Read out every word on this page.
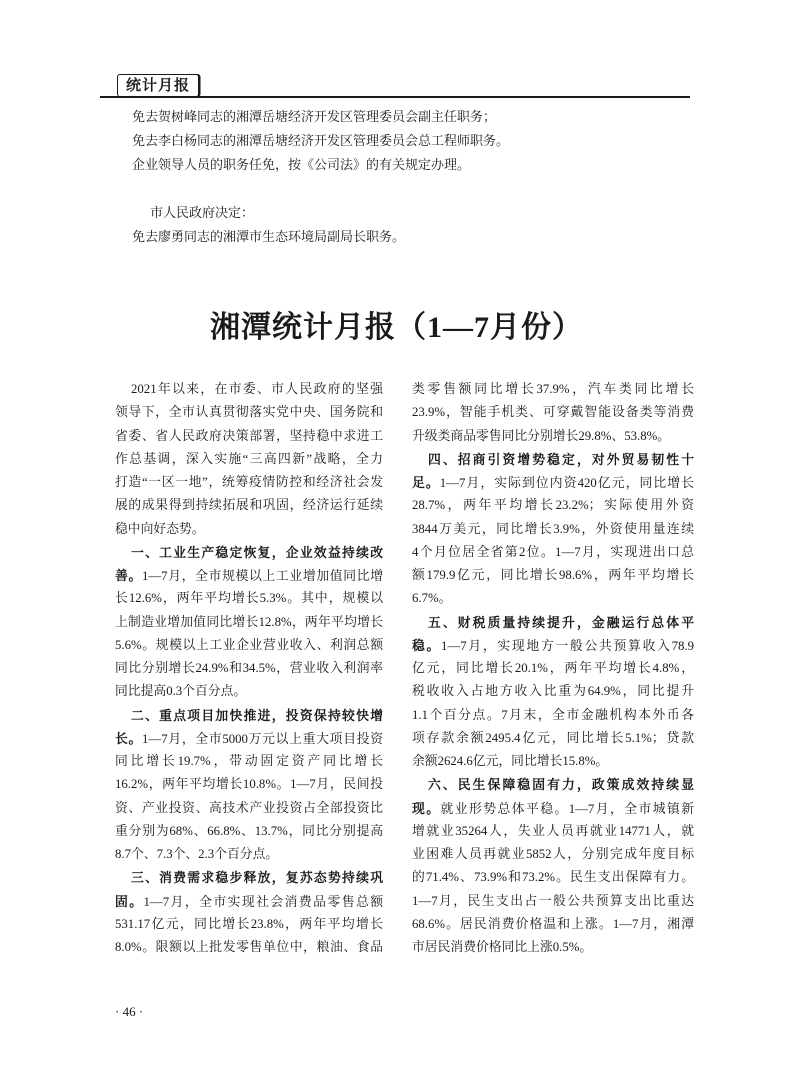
统计月报
免去贺树峰同志的湘潭岳塘经济开发区管理委员会副主任职务；
免去李白杨同志的湘潭岳塘经济开发区管理委员会总工程师职务。
企业领导人员的职务任免，按《公司法》的有关规定办理。
市人民政府决定：
免去廖勇同志的湘潭市生态环境局副局长职务。
湘潭统计月报（1—7月份）
2021年以来，在市委、市人民政府的坚强
领导下，全市认真贯彻落实党中央、国务院和
省委、省人民政府决策部署，坚持稳中求进工
作总基调，深入实施“三高四新”战略，全力
打造“一区一地”，统筹疫情防控和经济社会发
展的成果得到持续拓展和巩固，经济运行延续
稳中向好态势。
一、工业生产稳定恢复，企业效益持续改
善。1—7月，全市规模以上工业增加值同比增
长12.6%，两年平均增长5.3%。其中，规模以
上制造业增加值同比增长12.8%，两年平均增长
5.6%。规模以上工业企业营业收入、利润总额
同比分别增长24.9%和34.5%，营业收入利润率
同比提高0.3个百分点。
二、重点项目加快推进，投资保持较快增
长。1—7月，全市5000万元以上重大项目投资
同比增长19.7%，带动固定资产同比增长
16.2%，两年平均增长10.8%。1—7月，民间投
资、产业投资、高技术产业投资占全部投资比
重分别为68%、66.8%、13.7%，同比分别提高
8.7个、7.3个、2.3个百分点。
三、消费需求稳步释放，复苏态势持续巩
固。1—7月，全市实现社会消费品零售总额
531.17亿元，同比增长23.8%，两年平均增长
8.0%。限额以上批发零售单位中，粮油、食品
类零售额同比增长37.9%，汽车类同比增长
23.9%，智能手机类、可穿戴智能设备类等消费
升级类商品零售同比分别增长29.8%、53.8%。
四、招商引资增势稳定，对外贸易韧性十
足。1—7月，实际到位内资420亿元，同比增长
28.7%，两年平均增长23.2%；实际使用外资
3844万美元，同比增长3.9%，外资使用量连续
4个月位居全省第2位。1—7月，实现进出口总
额179.9亿元，同比增长98.6%，两年平均增长
6.7%。
五、财税质量持续提升，金融运行总体平
稳。1—7月，实现地方一般公共预算收入78.9
亿元，同比增长20.1%，两年平均增长4.8%，
税收收入占地方收入比重为64.9%，同比提升
1.1个百分点。7月末，全市金融机构本外币各
项存款余额2495.4亿元，同比增长5.1%；贷款
余额2624.6亿元，同比增长15.8%。
六、民生保障稳固有力，政策成效持续显
现。就业形势总体平稳。1—7月，全市城镇新
增就业35264人，失业人员再就业14771人，就
业困难人员再就业5852人，分别完成年度目标
的71.4%、73.9%和73.2%。民生支出保障有力。
1—7月，民生支出占一般公共预算支出比重达
68.6%。居民消费价格温和上涨。1—7月，湘潭
市居民消费价格同比上涨0.5%。
· 46 ·
